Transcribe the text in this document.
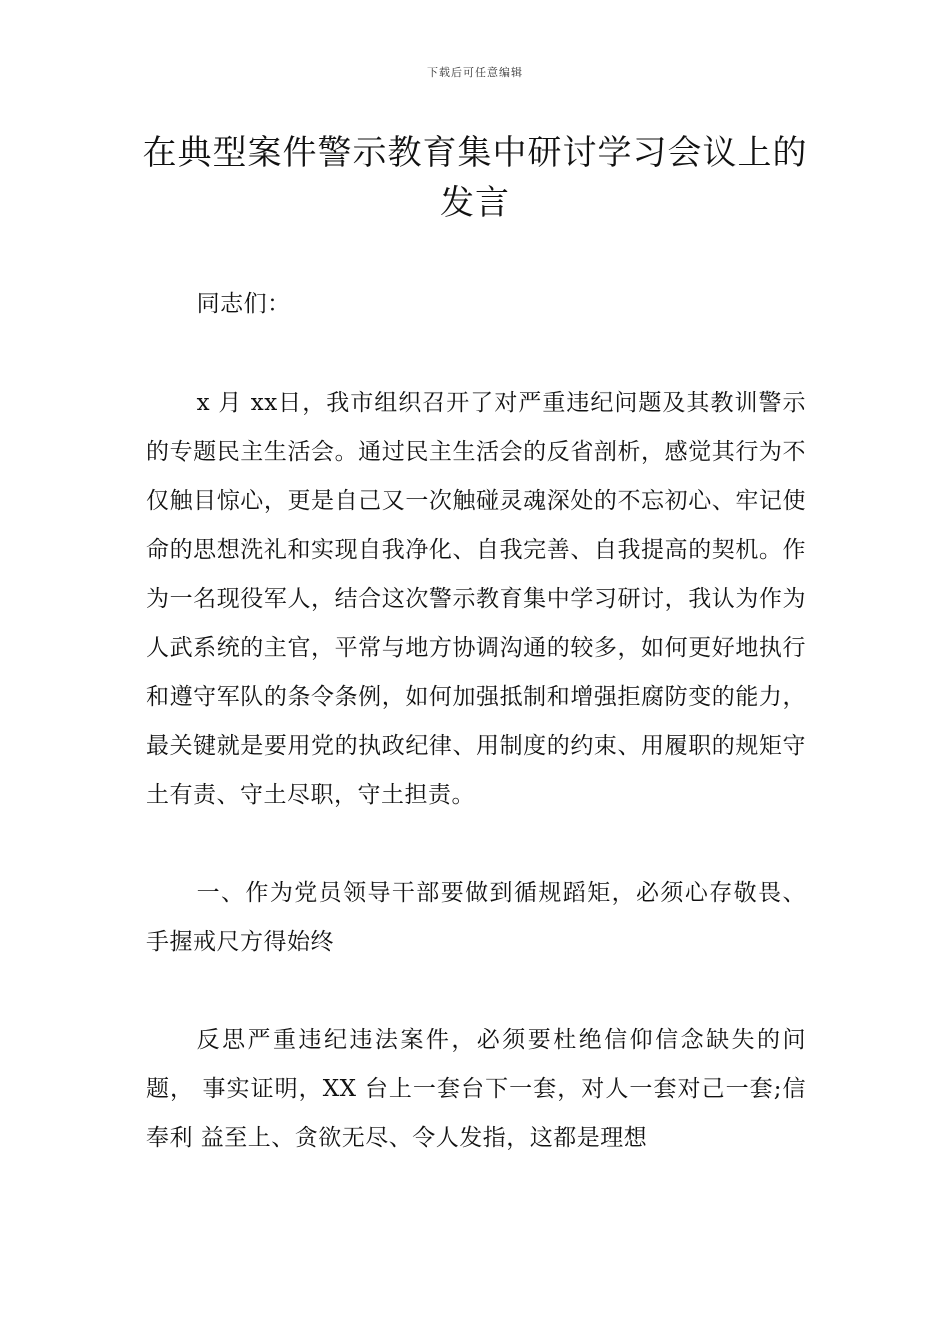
下载后可任意编辑
在典型案件警示教育集中研讨学习会议上的发言

同志们：

x 月 xx日，我市组织召开了对严重违纪问题及其教训警示 的专题民主生活会。通过民主生活会的反省剖析，感觉其行为不仅触目惊心，更是自己又一次触碰灵魂深处的不忘初心、牢记使命的思想洗礼和实现自我净化、自我完善、自我提高的契机。作为一名现役军人，结合这次警示教育集中学习研讨，我认为作为人武系统的主官，平常与地方协调沟通的较多，如何更好地执行和遵守军队的条令条例，如何加强抵制和增强拒腐防变的能力，最关键就是要用党的执政纪律、用制度的约束、用履职的规矩守土有责、守土尽职，守土担责。

一、作为党员领导干部要做到循规蹈矩，必须心存敬畏、 手握戒尺方得始终

反思严重违纪违法案件，必须要杜绝信仰信念缺失的问题， 事实证明，XX 台上一套台下一套，对人一套对己一套;信奉利 益至上、贪欲无尽、令人发指，这都是理想
